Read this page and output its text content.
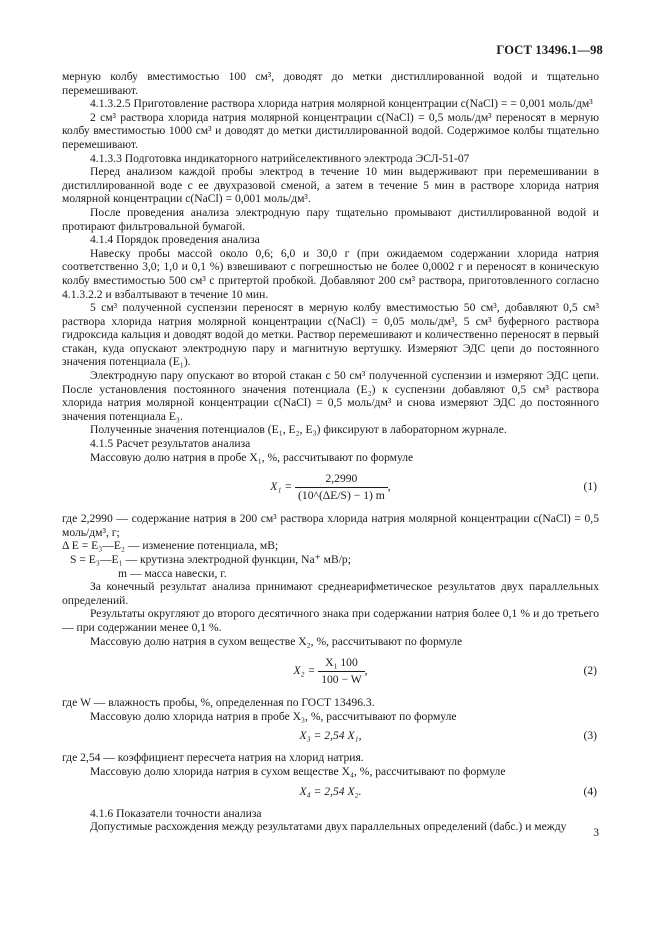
ГОСТ 13496.1—98

мерную колбу вместимостью 100 см³, доводят до метки дистиллированной водой и тщательно перемешивают.

4.1.3.2.5 Приготовление раствора хлорида натрия молярной концентрации c(NaCl) = = 0,001 моль/дм³

2 см³ раствора хлорида натрия молярной концентрации c(NaCl) = 0,5 моль/дм³ переносят в мерную колбу вместимостью 1000 см³ и доводят до метки дистиллированной водой. Содержимое колбы тщательно перемешивают.

4.1.3.3 Подготовка индикаторного натрийселективного электрода ЭСЛ-51-07

Перед анализом каждой пробы электрод в течение 10 мин выдерживают при перемешивании в дистиллированной воде с ее двухразовой сменой, а затем в течение 5 мин в растворе хлорида натрия молярной концентрации c(NaCl) = 0,001 моль/дм³.

После проведения анализа электродную пару тщательно промывают дистиллированной водой и протирают фильтровальной бумагой.

4.1.4 Порядок проведения анализа

Навеску пробы массой около 0,6; 6,0 и 30,0 г (при ожидаемом содержании хлорида натрия соответственно 3,0; 1,0 и 0,1 %) взвешивают с погрешностью не более 0,0002 г и переносят в коническую колбу вместимостью 500 см³ с притертой пробкой. Добавляют 200 см³ раствора, приготовленного согласно 4.1.3.2.2 и взбалтывают в течение 10 мин.

5 см³ полученной суспензии переносят в мерную колбу вместимостью 50 см³, добавляют 0,5 см³ раствора хлорида натрия молярной концентрации c(NaCl) = 0,05 моль/дм³, 5 см³ буферного раствора гидроксида кальция и доводят водой до метки. Раствор перемешивают и количественно переносят в первый стакан, куда опускают электродную пару и магнитную вертушку. Измеряют ЭДС цепи до постоянного значения потенциала (E₁).

Электродную пару опускают во второй стакан с 50 см³ полученной суспензии и измеряют ЭДС цепи. После установления постоянного значения потенциала (E₂) к суспензии добавляют 0,5 см³ раствора хлорида натрия молярной концентрации c(NaCl) = 0,5 моль/дм³ и снова измеряют ЭДС до постоянного значения потенциала E₃.

Полученные значения потенциалов (E₁, E₂, E₃) фиксируют в лабораторном журнале.

4.1.5 Расчет результатов анализа

Массовую долю натрия в пробе X₁, %, рассчитывают по формуле

$X_1 = \frac{2,2990}{(10\^{}(\Delta E/S) - 1) m}$ ,	(1)

где 2,2990 — содержание натрия в 200 см³ раствора хлорида натрия молярной концентрации c(NaCl) = 0,5 моль/дм³, г;

Δ E = E₃—E₂ — изменение потенциала, мВ;

S = E₃—E₁ — крутизна электродной функции, Na⁺ мВ/р;

m — масса навески, г.

За конечный результат анализа принимают среднеарифметическое результатов двух параллельных определений.

Результаты округляют до второго десятичного знака при содержании натрия более 0,1 % и до третьего — при содержании менее 0,1 %.

Массовую долю натрия в сухом веществе X₂, %, рассчитывают по формуле

$X_2 = \frac{\text{X₁ 100}}{100 - W}$ ,	(2)

где W — влажность пробы, %, определенная по ГОСТ 13496.3.

Массовую долю хлорида натрия в пробе X₃, %, рассчитывают по формуле

X₃ = 2,54 X₁,	(3)

где 2,54 — коэффициент пересчета натрия на хлорид натрия.

Массовую долю хлорида натрия в сухом веществе X₄, %, рассчитывают по формуле

X₄ = 2,54 X₂.	(4)

4.1.6 Показатели точности анализа

Допустимые расхождения между результатами двух параллельных определений (dабс.) и между	3
